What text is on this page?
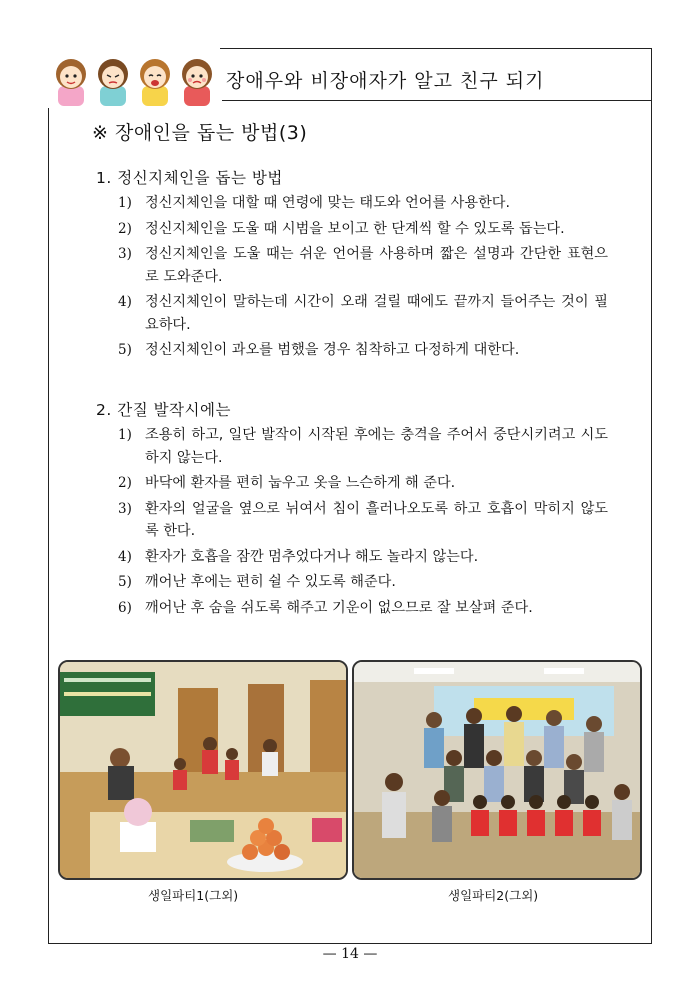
장애우와 비장애자가 알고 친구 되기
※ 장애인을 돕는 방법(3)
1. 정신지체인을 돕는 방법
1) 정신지체인을 대할 때 연령에 맞는 태도와 언어를 사용한다.
2) 정신지체인을 도울 때 시범을 보이고 한 단계씩 할 수 있도록 돕는다.
3) 정신지체인을 도울 때는 쉬운 언어를 사용하며 짧은 설명과 간단한 표현으로 도와준다.
4) 정신지체인이 말하는데 시간이 오래 걸릴 때에도 끝까지 들어주는 것이 필요하다.
5) 정신지체인이 과오를 범했을 경우 침착하고 다정하게 대한다.
2. 간질 발작시에는
1) 조용히 하고, 일단 발작이 시작된 후에는 충격을 주어서 중단시키려고 시도하지 않는다.
2) 바닥에 환자를 편히 눕우고 옷을 느슨하게 해 준다.
3) 환자의 얼굴을 옆으로 뉘여서 침이 흘러나오도록 하고 호흡이 막히지 않도록 한다.
4) 환자가 호흡을 잠깐 멈추었다거나 해도 놀라지 않는다.
5) 깨어난 후에는 편히 쉴 수 있도록 해준다.
6) 깨어난 후 숨을 쉬도록 해주고 기운이 없으므로 잘 보살펴 준다.
생일파티1(그외)	생일파티2(그외)
— 14 —
